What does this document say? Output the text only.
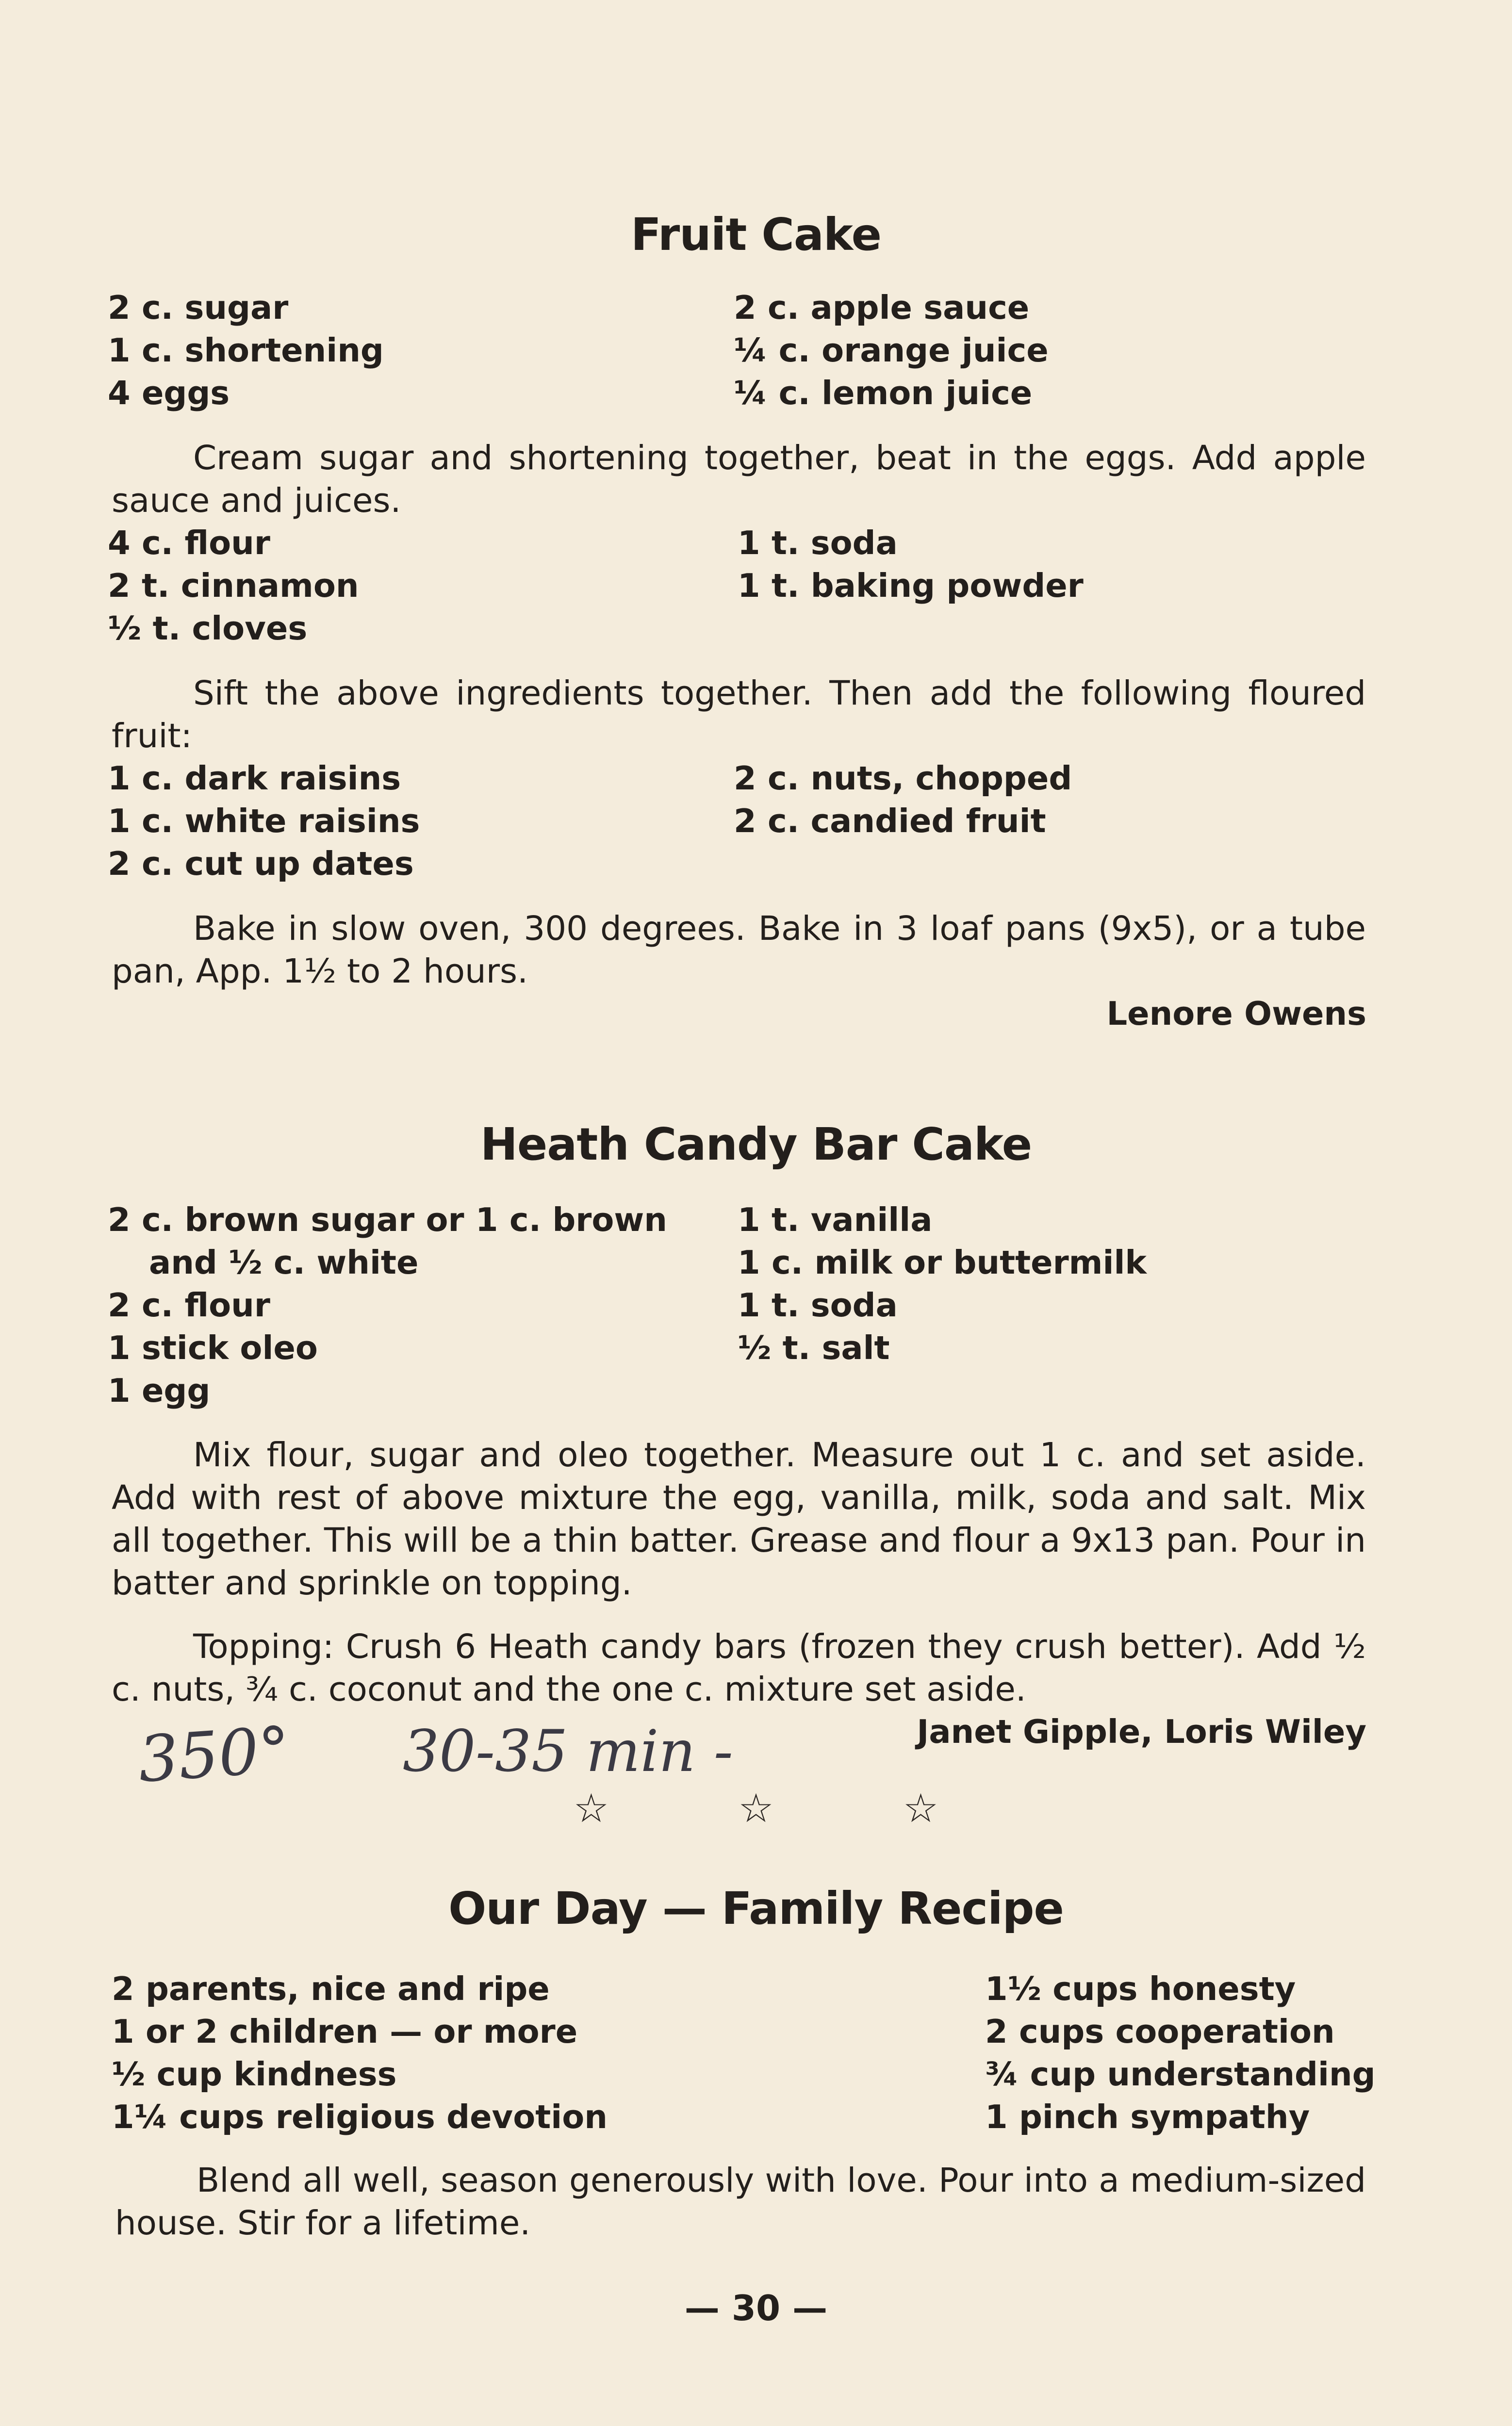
Fruit Cake
2 c. sugar
1 c. shortening
4 eggs
2 c. apple sauce
¼ c. orange juice
¼ c. lemon juice
Cream sugar and shortening together, beat in the eggs. Add apple sauce and juices.
4 c. flour
2 t. cinnamon
½ t. cloves
1 t. soda
1 t. baking powder
Sift the above ingredients together. Then add the following floured fruit:
1 c. dark raisins
1 c. white raisins
2 c. cut up dates
2 c. nuts, chopped
2 c. candied fruit
Bake in slow oven, 300 degrees. Bake in 3 loaf pans (9x5), or a tube pan, App. 1½ to 2 hours.
Lenore Owens
Heath Candy Bar Cake
2 c. brown sugar or 1 c. brown
and ½ c. white
2 c. flour
1 stick oleo
1 egg
1 t. vanilla
1 c. milk or buttermilk
1 t. soda
½ t. salt
Mix flour, sugar and oleo together. Measure out 1 c. and set aside. Add with rest of above mixture the egg, vanilla, milk, soda and salt. Mix all together. This will be a thin batter. Grease and flour a 9x13 pan. Pour in batter and sprinkle on topping.
Topping: Crush 6 Heath candy bars (frozen they crush better). Add ½ c. nuts, ¾ c. coconut and the one c. mixture set aside.
350° 30-35 min -	Janet Gipple, Loris Wiley
☆ ☆ ☆
Our Day — Family Recipe
2 parents, nice and ripe
1 or 2 children — or more
½ cup kindness
1¼ cups religious devotion
1½ cups honesty
2 cups cooperation
¾ cup understanding
1 pinch sympathy
Blend all well, season generously with love. Pour into a medium-sized house. Stir for a lifetime.
— 30 —
